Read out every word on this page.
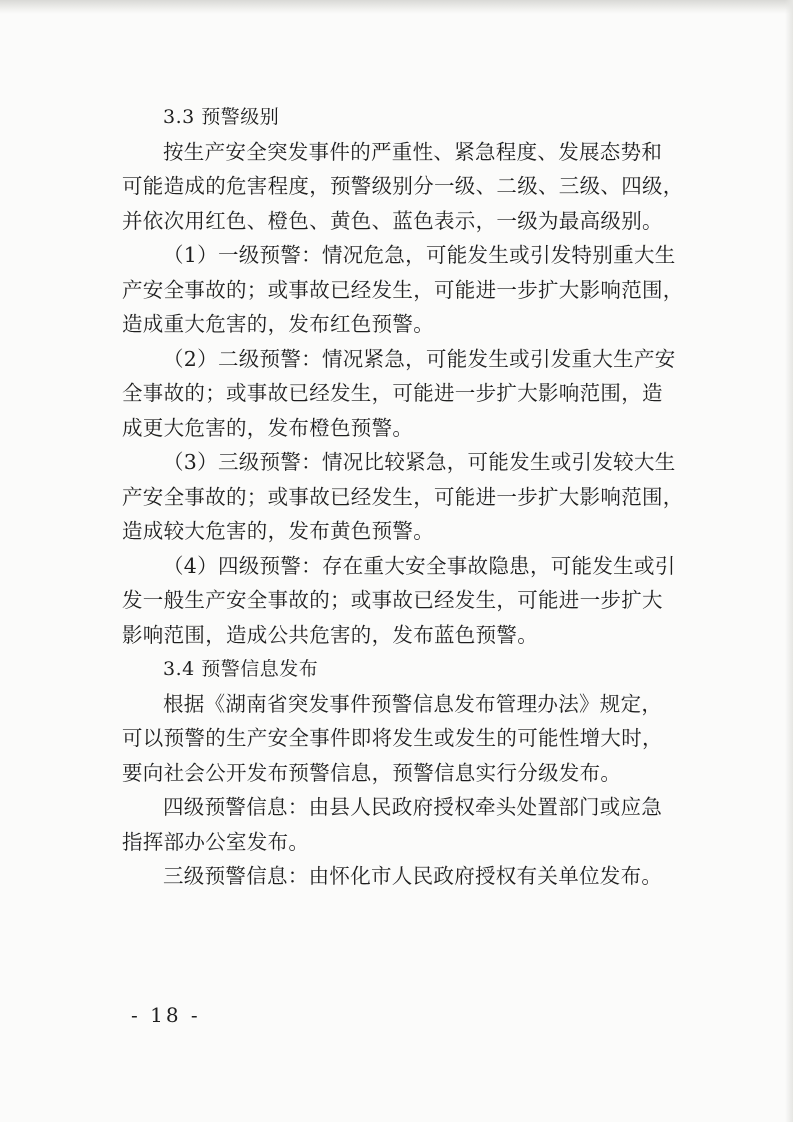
3.3 预警级别
按生产安全突发事件的严重性、紧急程度、发展态势和
可能造成的危害程度，预警级别分一级、二级、三级、四级，
并依次用红色、橙色、黄色、蓝色表示，一级为最高级别。
（1）一级预警：情况危急，可能发生或引发特别重大生
产安全事故的；或事故已经发生，可能进一步扩大影响范围，
造成重大危害的，发布红色预警。
（2）二级预警：情况紧急，可能发生或引发重大生产安
全事故的；或事故已经发生，可能进一步扩大影响范围，造
成更大危害的，发布橙色预警。
（3）三级预警：情况比较紧急，可能发生或引发较大生
产安全事故的；或事故已经发生，可能进一步扩大影响范围，
造成较大危害的，发布黄色预警。
（4）四级预警：存在重大安全事故隐患，可能发生或引
发一般生产安全事故的；或事故已经发生，可能进一步扩大
影响范围，造成公共危害的，发布蓝色预警。
3.4 预警信息发布
根据《湖南省突发事件预警信息发布管理办法》规定，
可以预警的生产安全事件即将发生或发生的可能性增大时，
要向社会公开发布预警信息，预警信息实行分级发布。
四级预警信息：由县人民政府授权牵头处置部门或应急
指挥部办公室发布。
三级预警信息：由怀化市人民政府授权有关单位发布。
- 18 -
